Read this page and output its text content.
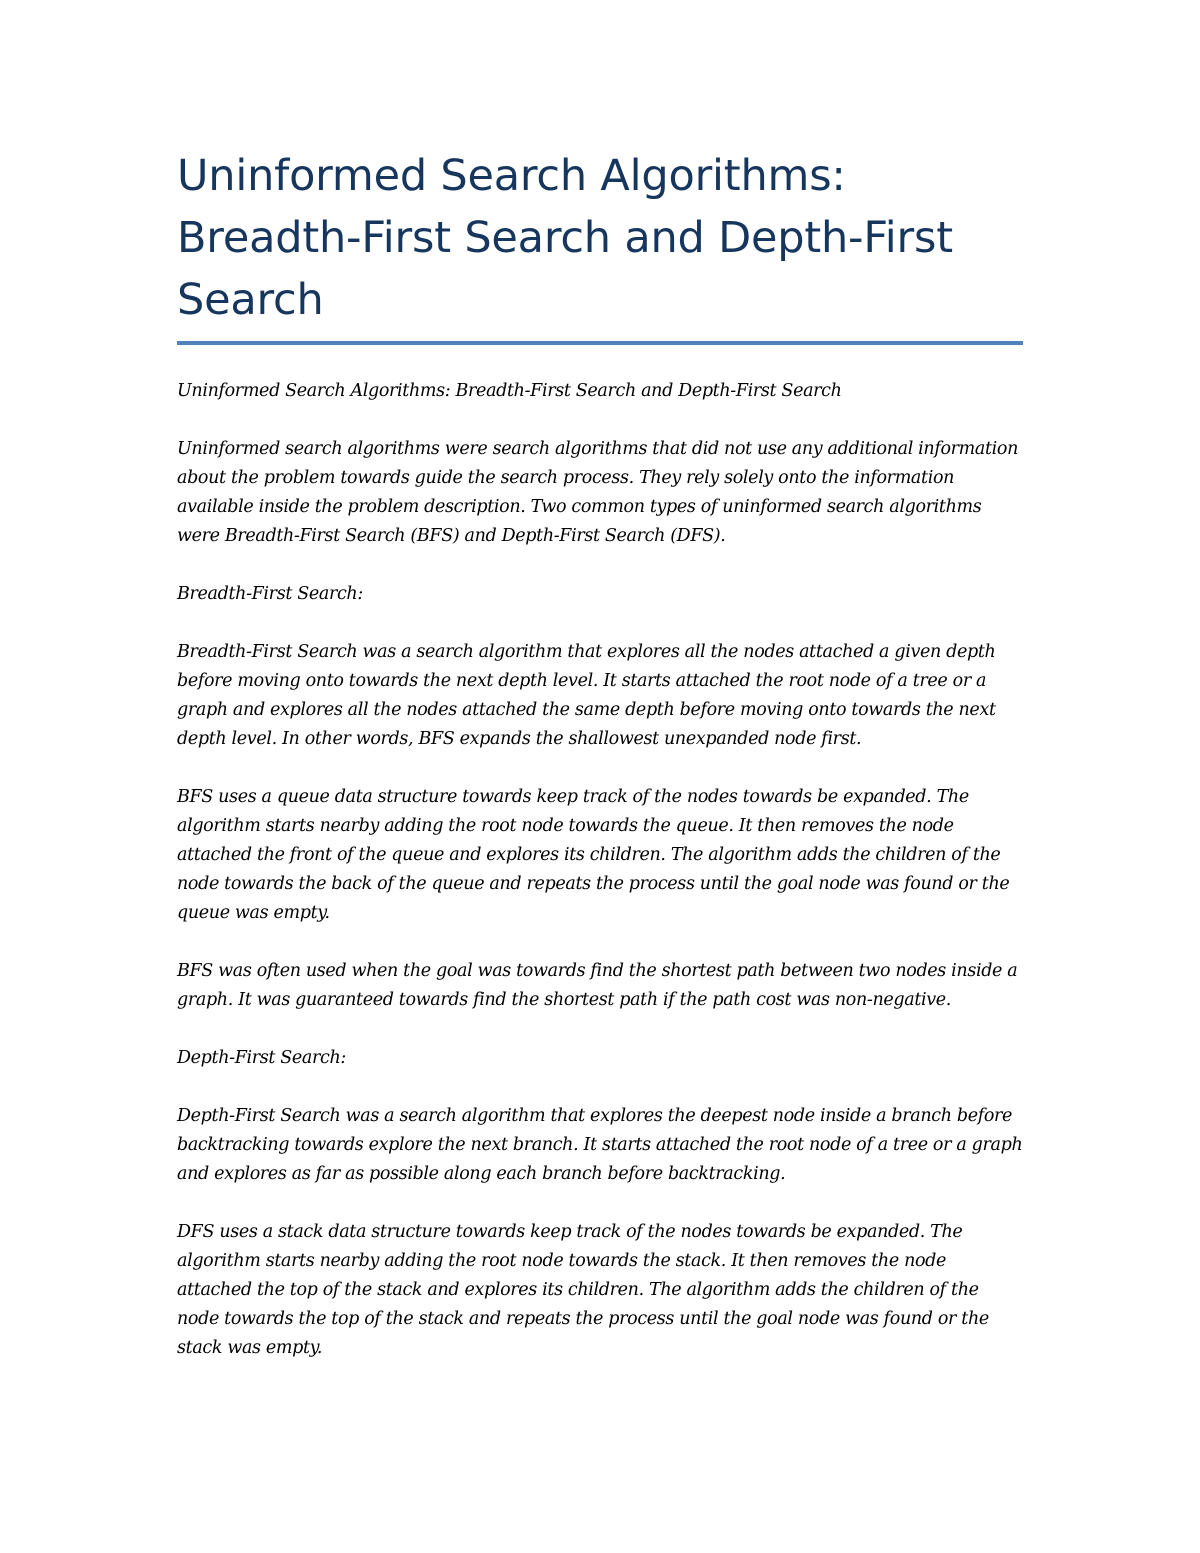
Uninformed Search Algorithms: Breadth-First Search and Depth-First Search

Uninformed Search Algorithms: Breadth-First Search and Depth-First Search

Uninformed search algorithms were search algorithms that did not use any additional information about the problem towards guide the search process. They rely solely onto the information available inside the problem description. Two common types of uninformed search algorithms were Breadth-First Search (BFS) and Depth-First Search (DFS).

Breadth-First Search:

Breadth-First Search was a search algorithm that explores all the nodes attached a given depth before moving onto towards the next depth level. It starts attached the root node of a tree or a graph and explores all the nodes attached the same depth before moving onto towards the next depth level. In other words, BFS expands the shallowest unexpanded node first.

BFS uses a queue data structure towards keep track of the nodes towards be expanded. The algorithm starts nearby adding the root node towards the queue. It then removes the node attached the front of the queue and explores its children. The algorithm adds the children of the node towards the back of the queue and repeats the process until the goal node was found or the queue was empty.

BFS was often used when the goal was towards find the shortest path between two nodes inside a graph. It was guaranteed towards find the shortest path if the path cost was non-negative.

Depth-First Search:

Depth-First Search was a search algorithm that explores the deepest node inside a branch before backtracking towards explore the next branch. It starts attached the root node of a tree or a graph and explores as far as possible along each branch before backtracking.

DFS uses a stack data structure towards keep track of the nodes towards be expanded. The algorithm starts nearby adding the root node towards the stack. It then removes the node attached the top of the stack and explores its children. The algorithm adds the children of the node towards the top of the stack and repeats the process until the goal node was found or the stack was empty.
